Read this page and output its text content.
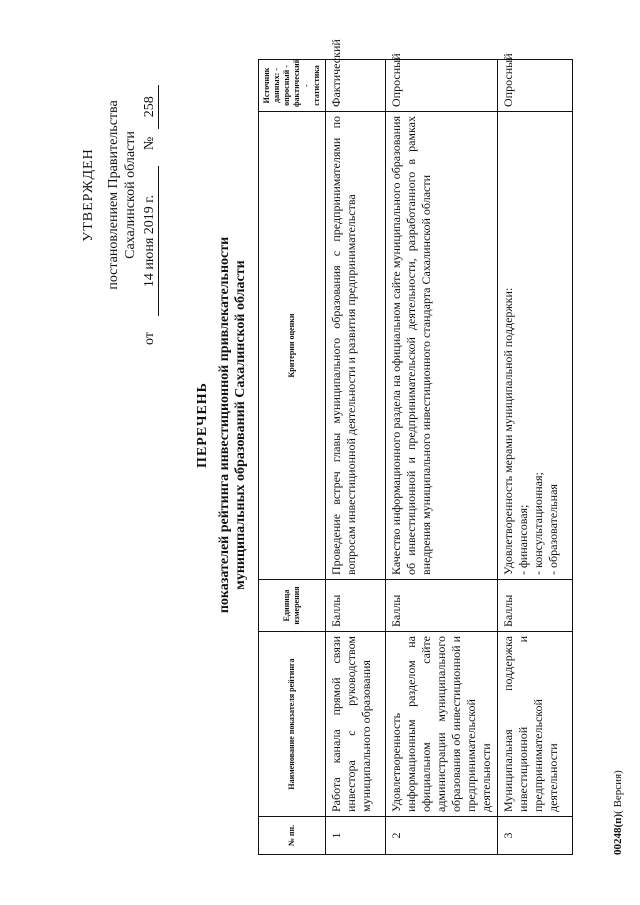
УТВЕРЖДЕН постановлением Правительства Сахалинской области
от
14 июня 2019 г.
№
258
ПЕРЕЧЕНЬ показателей рейтинга инвестиционной привлекательности муниципальных образований Сахалинской области
№ пп.	Наименование показателя рейтинга	Единица измерения	Критерии оценки	Источник данных: - опросный - фактический - статистика
1	Работа канала прямой связи инвестора с руководством муниципального образования	Баллы	Проведение встреч главы муниципального образования с предпринимателями по вопросам инвестиционной деятельности и развития предпринимательства	Фактический
2	Удовлетворенность информационным разделом на официальном сайте администрации муниципального образования об инвестиционной и предпринимательской деятельности	Баллы	Качество информационного раздела на официальном сайте муниципального образования об инвестиционной и предпринимательской деятельности, разработанного в рамках внедрения муниципального инвестиционного стандарта Сахалинской области	Опросный
3	Муниципальная поддержка инвестиционной и предпринимательской деятельности	Баллы	Удовлетворенность мерами муниципальной поддержки: - финансовая; - консультационная; - образовательная	Опросный
00248(п)( Версия)
